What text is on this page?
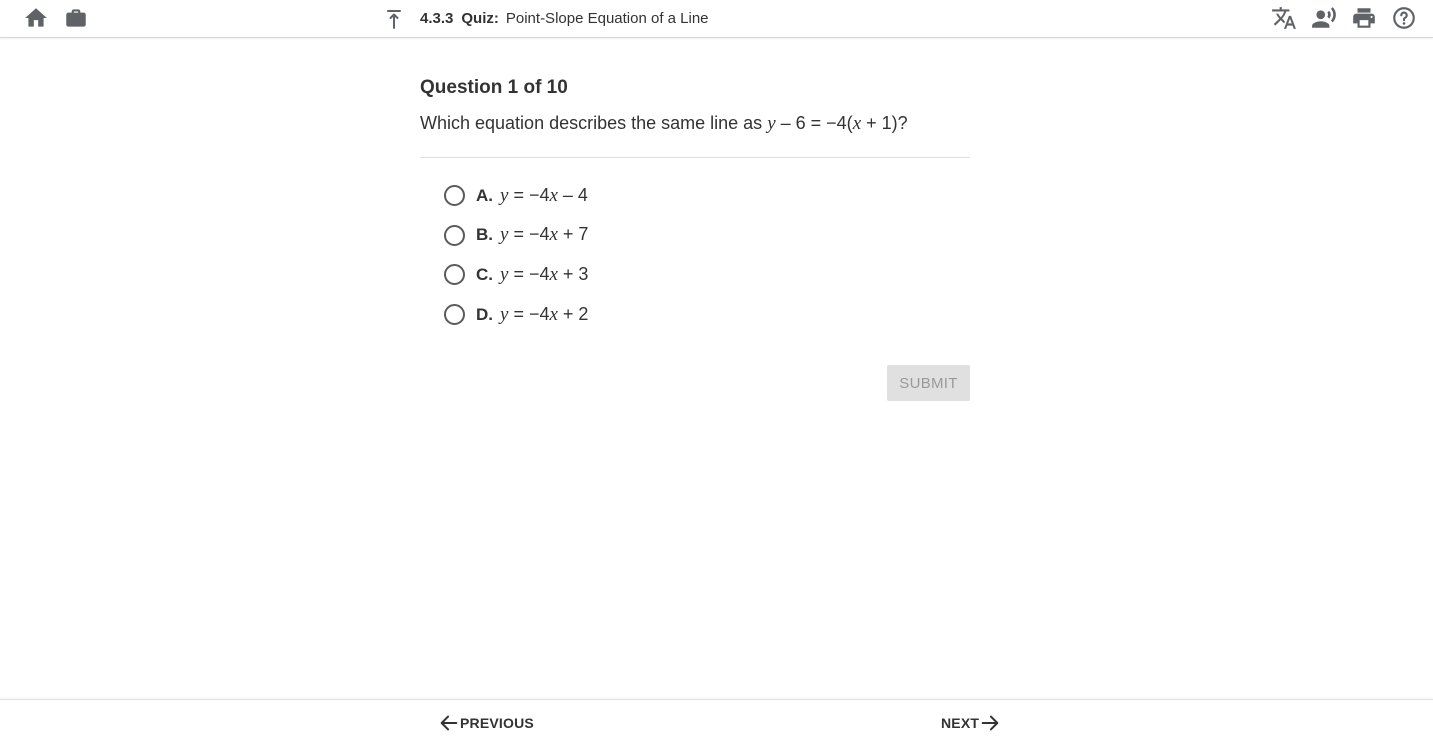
4.3.3 Quiz: Point-Slope Equation of a Line
Question 1 of 10
Which equation describes the same line as y – 6 = −4(x + 1)?
A. y = −4x – 4
B. y = −4x + 7
C. y = −4x + 3
D. y = −4x + 2
SUBMIT
PREVIOUS	NEXT
